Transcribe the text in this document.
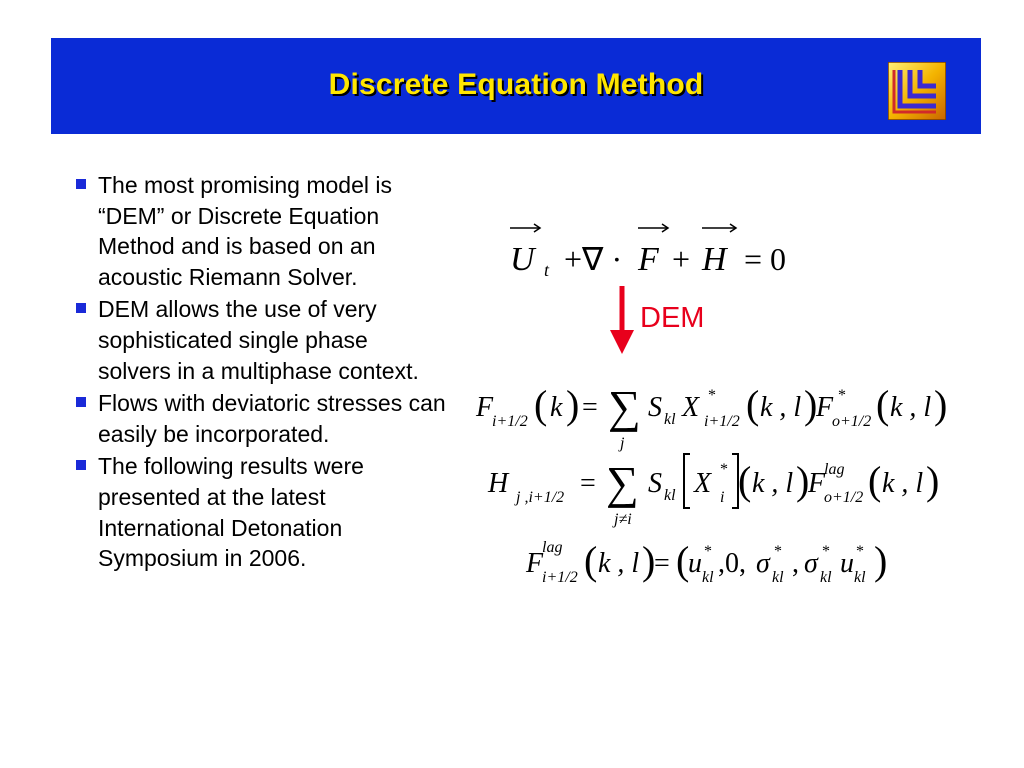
Discrete Equation Method
The most promising model is “DEM” or Discrete Equation Method and is based on an acoustic Riemann Solver.
DEM allows the use of very sophisticated single phase solvers in a multiphase context.
Flows with deviatoric stresses can easily be incorporated.
The following results were presented at the latest International Detonation Symposium in 2006.
U t +∇ · F + H = 0
DEM
F
i+1/2 ( k ) = ∑
j
S kl X *
i+1/2 ( k , l )
F *
o+1/2 ( k , l )
H j ,i+1/2 = ∑
j≠i
S kl X *
i ( k , l )
F
lag
o+1/2 ( k , l )
F
lag
i+1/2 ( k , l )
= (
u *
kl ,0, σ *
kl , σ *
kl u *
kl )
